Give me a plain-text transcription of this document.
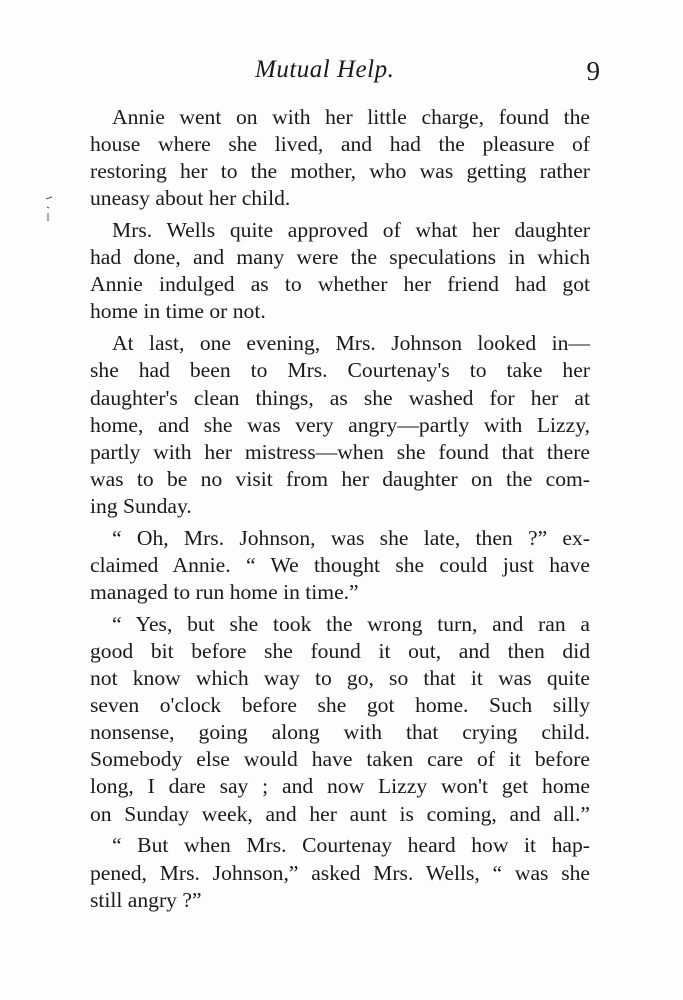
Mutual Help.	9

Annie went on with her little charge, found the
house where she lived, and had the pleasure of
restoring her to the mother, who was getting rather
uneasy about her child.

Mrs. Wells quite approved of what her daughter
had done, and many were the speculations in which
Annie indulged as to whether her friend had got
home in time or not.

At last, one evening, Mrs. Johnson looked in—
she had been to Mrs. Courtenay's to take her
daughter's clean things, as she washed for her at
home, and she was very angry—partly with Lizzy,
partly with her mistress—when she found that there
was to be no visit from her daughter on the com-
ing Sunday.

“ Oh, Mrs. Johnson, was she late, then ?” ex-
claimed Annie. “ We thought she could just have
managed to run home in time.”

“ Yes, but she took the wrong turn, and ran a
good bit before she found it out, and then did
not know which way to go, so that it was quite
seven o'clock before she got home. Such silly
nonsense, going along with that crying child.
Somebody else would have taken care of it before
long, I dare say ; and now Lizzy won't get home
on Sunday week, and her aunt is coming, and all.”

“ But when Mrs. Courtenay heard how it hap-
pened, Mrs. Johnson,” asked Mrs. Wells, “ was she
still angry ?”
